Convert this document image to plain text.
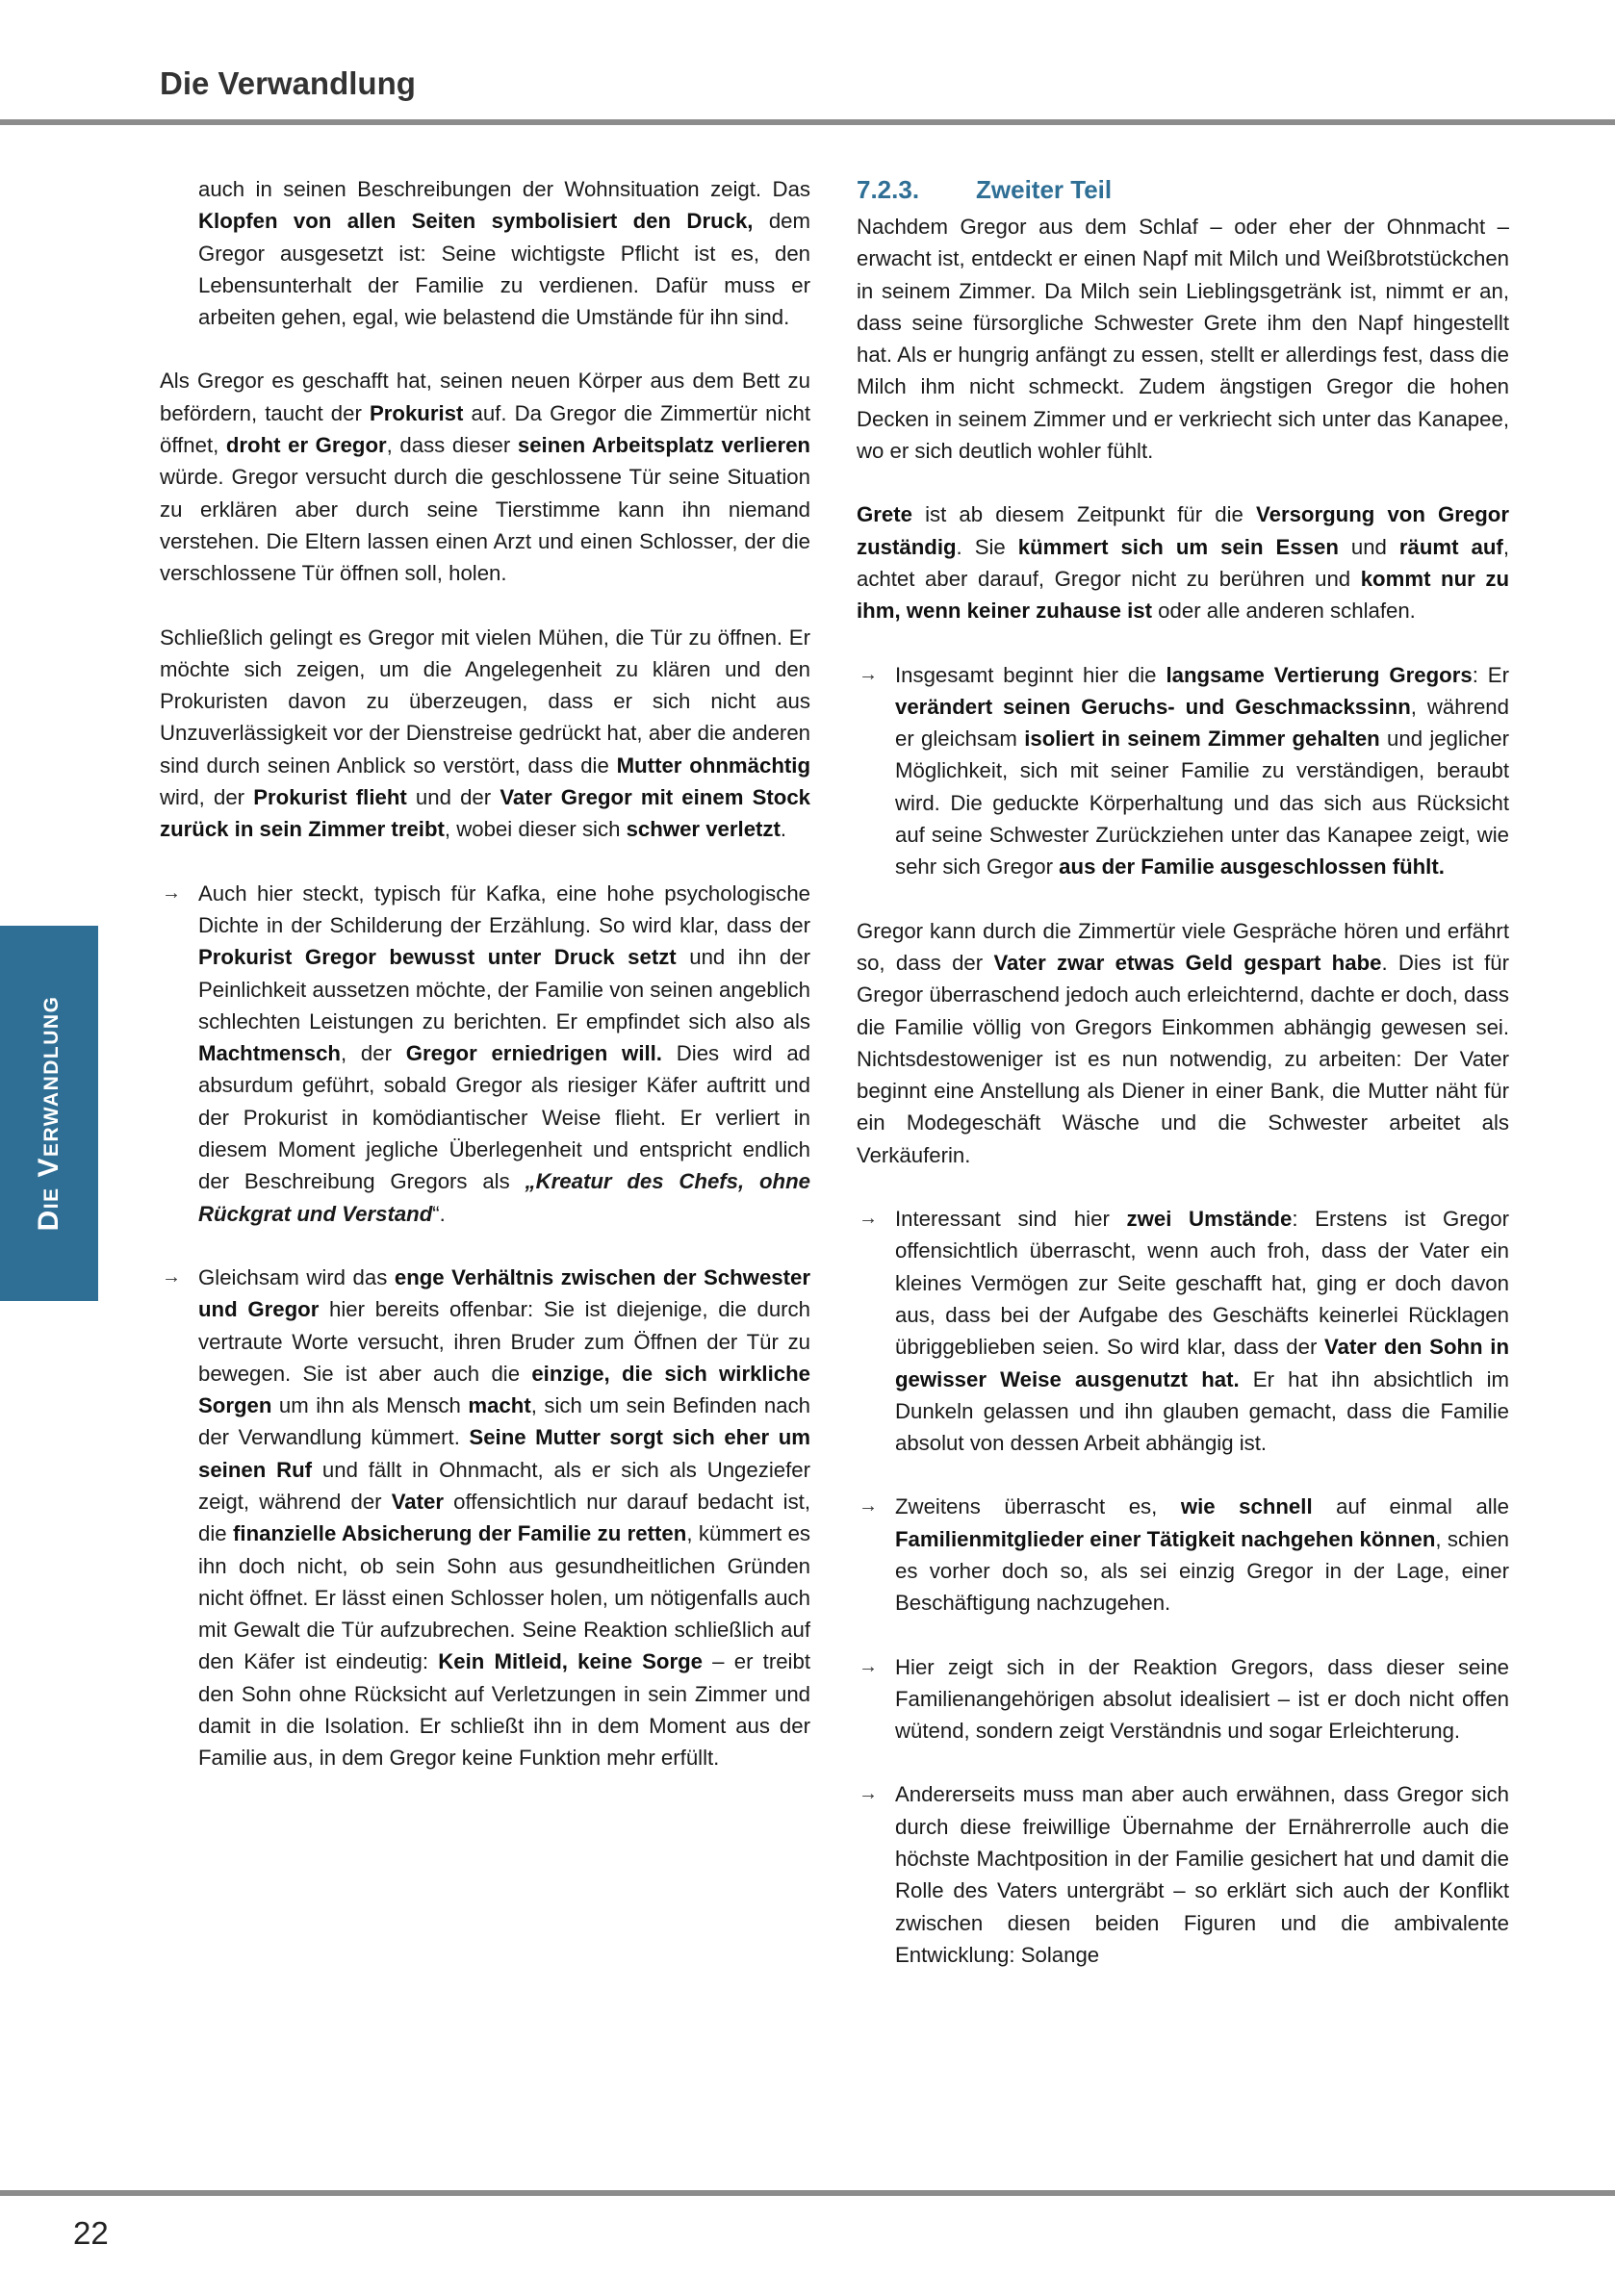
Die Verwandlung
Die Verwandlung

auch in seinen Beschreibungen der Wohnsituation zeigt. Das Klopfen von allen Seiten symbolisiert den Druck, dem Gregor ausgesetzt ist: Seine wichtigste Pflicht ist es, den Lebensunterhalt der Familie zu verdienen. Dafür muss er arbeiten gehen, egal, wie belastend die Umstände für ihn sind.

Als Gregor es geschafft hat, seinen neuen Körper aus dem Bett zu befördern, taucht der Prokurist auf. Da Gregor die Zimmertür nicht öffnet, droht er Gregor, dass dieser seinen Arbeitsplatz verlieren würde. Gregor versucht durch die geschlossene Tür seine Situation zu erklären aber durch seine Tierstimme kann ihn niemand verstehen. Die Eltern lassen einen Arzt und einen Schlosser, der die verschlossene Tür öffnen soll, holen.

Schließlich gelingt es Gregor mit vielen Mühen, die Tür zu öffnen. Er möchte sich zeigen, um die Angelegenheit zu klären und den Prokuristen davon zu überzeugen, dass er sich nicht aus Unzuverlässigkeit vor der Dienstreise gedrückt hat, aber die anderen sind durch seinen Anblick so verstört, dass die Mutter ohnmächtig wird, der Prokurist flieht und der Vater Gregor mit einem Stock zurück in sein Zimmer treibt, wobei dieser sich schwer verletzt.

→ Auch hier steckt, typisch für Kafka, eine hohe psychologische Dichte in der Schilderung der Erzählung. So wird klar, dass der Prokurist Gregor bewusst unter Druck setzt und ihn der Peinlichkeit aussetzen möchte, der Familie von seinen angeblich schlechten Leistungen zu berichten. Er empfindet sich also als Machtmensch, der Gregor erniedrigen will. Dies wird ad absurdum geführt, sobald Gregor als riesiger Käfer auftritt und der Prokurist in komödiantischer Weise flieht. Er verliert in diesem Moment jegliche Überlegenheit und entspricht endlich der Beschreibung Gregors als „Kreatur des Chefs, ohne Rückgrat und Verstand“.

→ Gleichsam wird das enge Verhältnis zwischen der Schwester und Gregor hier bereits offenbar: Sie ist diejenige, die durch vertraute Worte versucht, ihren Bruder zum Öffnen der Tür zu bewegen. Sie ist aber auch die einzige, die sich wirkliche Sorgen um ihn als Mensch macht, sich um sein Befinden nach der Verwandlung kümmert. Seine Mutter sorgt sich eher um seinen Ruf und fällt in Ohnmacht, als er sich als Ungeziefer zeigt, während der Vater offensichtlich nur darauf bedacht ist, die finanzielle Absicherung der Familie zu retten, kümmert es ihn doch nicht, ob sein Sohn aus gesundheitlichen Gründen nicht öffnet. Er lässt einen Schlosser holen, um nötigenfalls auch mit Gewalt die Tür aufzubrechen. Seine Reaktion schließlich auf den Käfer ist eindeutig: Kein Mitleid, keine Sorge – er treibt den Sohn ohne Rücksicht auf Verletzungen in sein Zimmer und damit in die Isolation. Er schließt ihn in dem Moment aus der Familie aus, in dem Gregor keine Funktion mehr erfüllt.

7.2.3. Zweiter Teil

Nachdem Gregor aus dem Schlaf – oder eher der Ohnmacht – erwacht ist, entdeckt er einen Napf mit Milch und Weißbrotstückchen in seinem Zimmer. Da Milch sein Lieblingsgetränk ist, nimmt er an, dass seine fürsorgliche Schwester Grete ihm den Napf hingestellt hat. Als er hungrig anfängt zu essen, stellt er allerdings fest, dass die Milch ihm nicht schmeckt. Zudem ängstigen Gregor die hohen Decken in seinem Zimmer und er verkriecht sich unter das Kanapee, wo er sich deutlich wohler fühlt.

Grete ist ab diesem Zeitpunkt für die Versorgung von Gregor zuständig. Sie kümmert sich um sein Essen und räumt auf, achtet aber darauf, Gregor nicht zu berühren und kommt nur zu ihm, wenn keiner zuhause ist oder alle anderen schlafen.

→ Insgesamt beginnt hier die langsame Vertierung Gregors: Er verändert seinen Geruchs- und Geschmackssinn, während er gleichsam isoliert in seinem Zimmer gehalten und jeglicher Möglichkeit, sich mit seiner Familie zu verständigen, beraubt wird. Die geduckte Körperhaltung und das sich aus Rücksicht auf seine Schwester Zurückziehen unter das Kanapee zeigt, wie sehr sich Gregor aus der Familie ausgeschlossen fühlt.

Gregor kann durch die Zimmertür viele Gespräche hören und erfährt so, dass der Vater zwar etwas Geld gespart habe. Dies ist für Gregor überraschend jedoch auch erleichternd, dachte er doch, dass die Familie völlig von Gregors Einkommen abhängig gewesen sei. Nichtsdestoweniger ist es nun notwendig, zu arbeiten: Der Vater beginnt eine Anstellung als Diener in einer Bank, die Mutter näht für ein Modegeschäft Wäsche und die Schwester arbeitet als Verkäuferin.

→ Interessant sind hier zwei Umstände: Erstens ist Gregor offensichtlich überrascht, wenn auch froh, dass der Vater ein kleines Vermögen zur Seite geschafft hat, ging er doch davon aus, dass bei der Aufgabe des Geschäfts keinerlei Rücklagen übriggeblieben seien. So wird klar, dass der Vater den Sohn in gewisser Weise ausgenutzt hat. Er hat ihn absichtlich im Dunkeln gelassen und ihn glauben gemacht, dass die Familie absolut von dessen Arbeit abhängig ist.

→ Zweitens überrascht es, wie schnell auf einmal alle Familienmitglieder einer Tätigkeit nachgehen können, schien es vorher doch so, als sei einzig Gregor in der Lage, einer Beschäftigung nachzugehen.

→ Hier zeigt sich in der Reaktion Gregors, dass dieser seine Familienangehörigen absolut idealisiert – ist er doch nicht offen wütend, sondern zeigt Verständnis und sogar Erleichterung.

→ Andererseits muss man aber auch erwähnen, dass Gregor sich durch diese freiwillige Übernahme der Ernährerrolle auch die höchste Machtposition in der Familie gesichert hat und damit die Rolle des Vaters untergräbt – so erklärt sich auch der Konflikt zwischen diesen beiden Figuren und die ambivalente Entwicklung: Solange

22
